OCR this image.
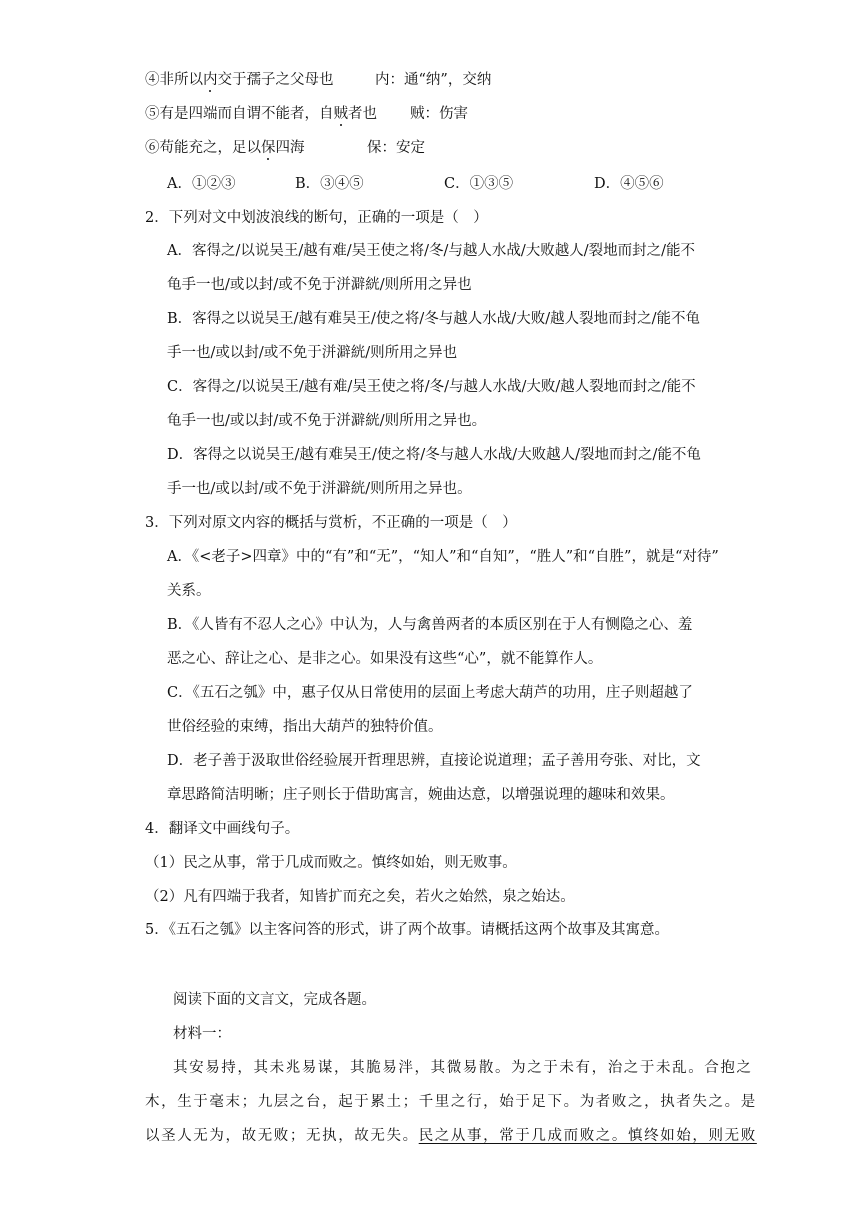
④非所以内交于孺子之父母也	内：通“纳”，交纳
⑤有是四端而自谓不能者，自贼者也 贼：伤害
⑥苟能充之，足以保四海	保：安定
A．①②③	B．③④⑤	C．①③⑤	D．④⑤⑥
2．下列对文中划波浪线的断句，正确的一项是（　）
A．客得之/以说吴王/越有难/吴王使之将/冬/与越人水战/大败越人/裂地而封之/能不
龟手一也/或以封/或不免于洴澼絖/则所用之异也
B．客得之以说吴王/越有难吴王/使之将/冬与越人水战/大败/越人裂地而封之/能不龟
手一也/或以封/或不免于洴澼絖/则所用之异也
C．客得之/以说吴王/越有难/吴王使之将/冬/与越人水战/大败/越人裂地而封之/能不
龟手一也/或以封/或不免于洴澼絖/则所用之异也。
D．客得之以说吴王/越有难吴王/使之将/冬与越人水战/大败越人/裂地而封之/能不龟
手一也/或以封/或不免于洴澼絖/则所用之异也。
3．下列对原文内容的概括与赏析，不正确的一项是（　）
A．《<老子>四章》中的“有”和“无”，“知人”和“自知”，“胜人”和“自胜”，就是“对待”
关系。
B．《人皆有不忍人之心》中认为，人与禽兽两者的本质区别在于人有恻隐之心、羞
恶之心、辞让之心、是非之心。如果没有这些“心”，就不能算作人。
C．《五石之瓠》中，惠子仅从日常使用的层面上考虑大葫芦的功用，庄子则超越了
世俗经验的束缚，指出大葫芦的独特价值。
D．老子善于汲取世俗经验展开哲理思辨，直接论说道理；孟子善用夸张、对比，文
章思路简洁明晰；庄子则长于借助寓言，婉曲达意，以增强说理的趣味和效果。
4．翻译文中画线句子。
（1）民之从事，常于几成而败之。慎终如始，则无败事。
（2）凡有四端于我者，知皆扩而充之矣，若火之始然，泉之始达。
5．《五石之瓠》以主客问答的形式，讲了两个故事。请概括这两个故事及其寓意。
阅读下面的文言文，完成各题。
材料一：
其安易持，其未兆易谋，其脆易泮，其微易散。为之于未有，治之于未乱。合抱之
木，生于毫末；九层之台，起于累土；千里之行，始于足下。为者败之，执者失之。是
以圣人无为，故无败；无执，故无失。民之从事，常于几成而败之。慎终如始，则无败
